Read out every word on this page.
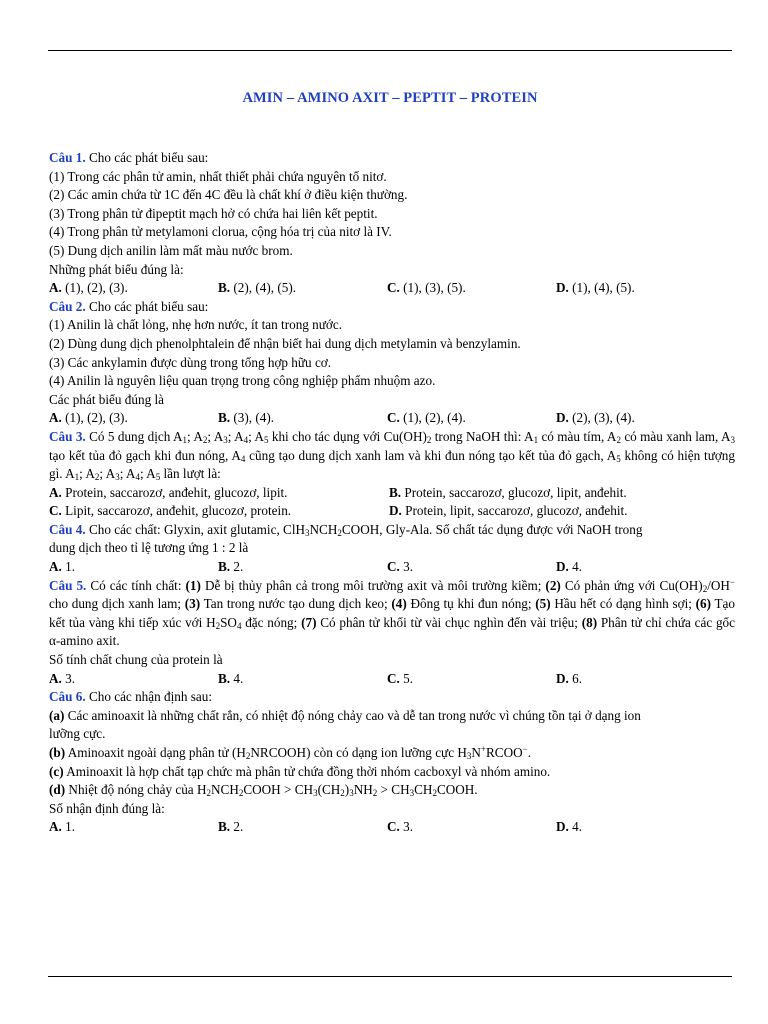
AMIN – AMINO AXIT – PEPTIT – PROTEIN
Câu 1. Cho các phát biểu sau:
(1) Trong các phân tử amin, nhất thiết phải chứa nguyên tố nitơ.
(2) Các amin chứa từ 1C đến 4C đều là chất khí ở điều kiện thường.
(3) Trong phân tử đipeptit mạch hở có chứa hai liên kết peptit.
(4) Trong phân tử metylamoni clorua, cộng hóa trị của nitơ là IV.
(5) Dung dịch anilin làm mất màu nước brom.
Những phát biểu đúng là:
A. (1), (2), (3).	B. (2), (4), (5).	C. (1), (3), (5).	D. (1), (4), (5).
Câu 2. Cho các phát biểu sau:
(1) Anilin là chất lỏng, nhẹ hơn nước, ít tan trong nước.
(2) Dùng dung dịch phenolphtalein để nhận biết hai dung dịch metylamin và benzylamin.
(3) Các ankylamin được dùng trong tổng hợp hữu cơ.
(4) Anilin là nguyên liệu quan trọng trong công nghiệp phẩm nhuộm azo.
Các phát biểu đúng là
A. (1), (2), (3).	B. (3), (4).	C. (1), (2), (4).	D. (2), (3), (4).
Câu 3. Có 5 dung dịch $A_1$; $A_2$; $A_3$; $A_4$; $A_5$ khi cho tác dụng với $Cu(OH)_2$ trong NaOH thì: $A_1$ có màu tím, $A_2$ có màu xanh lam, $A_3$ tạo kết tủa đỏ gạch khi đun nóng, $A_4$ cũng tạo dung dịch xanh lam và khi đun nóng tạo kết tủa đỏ gạch, $A_5$ không có hiện tượng gì. $A_1$; $A_2$; $A_3$; $A_4$; $A_5$ lần lượt là:
A. Protein, saccarozơ, anđehit, glucozơ, lipit.	B. Protein, saccarozơ, glucozơ, lipit, anđehit.
C. Lipit, saccarozơ, anđehit, glucozơ, protein.	D. Protein, lipit, saccarozơ, glucozơ, anđehit.
Câu 4. Cho các chất: Glyxin, axit glutamic, $ClH_3NCH_2COOH$, Gly-Ala. Số chất tác dụng được với NaOH trong
dung dịch theo tỉ lệ tương ứng 1 : 2 là
A. 1.	B. 2.	C. 3.	D. 4.
Câu 5. Có các tính chất: (1) Dễ bị thủy phân cả trong môi trường axit và môi trường kiềm; (2) Có phản ứng với $Cu(OH)_2/OH^-$ cho dung dịch xanh lam; (3) Tan trong nước tạo dung dịch keo; (4) Đông tụ khi đun nóng; (5) Hầu hết có dạng hình sợi; (6) Tạo kết tủa vàng khi tiếp xúc với $H_2SO_4$ đặc nóng; (7) Có phân tử khối từ vài chục nghìn đến vài triệu; (8) Phân tử chỉ chứa các gốc α-amino axit.
Số tính chất chung của protein là
A. 3.	B. 4.	C. 5.	D. 6.
Câu 6. Cho các nhận định sau:
(a) Các aminoaxit là những chất rắn, có nhiệt độ nóng chảy cao và dễ tan trong nước vì chúng tồn tại ở dạng ion
lưỡng cực.
(b) Aminoaxit ngoài dạng phân tử $(H_2NRCOOH)$ còn có dạng ion lưỡng cực $H_3N^+RCOO^-$.
(c) Aminoaxit là hợp chất tạp chức mà phân tử chứa đồng thời nhóm cacboxyl và nhóm amino.
(d) Nhiệt độ nóng chảy của $H_2NCH_2COOH > CH_3(CH_2)_3NH_2$ > $CH_3CH_2COOH$.
Số nhận định đúng là:
A. 1.	B. 2.	C. 3.	D. 4.
